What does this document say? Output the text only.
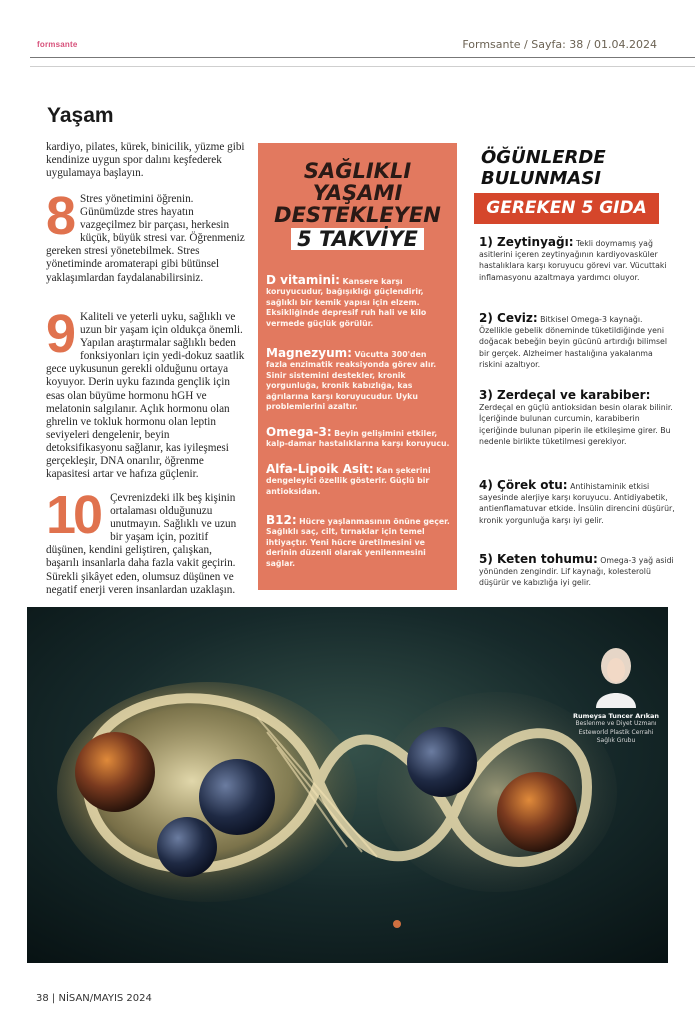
formsante	Formsante / Sayfa: 38 / 01.04.2024
Yaşam

kardiyo, pilates, kürek, binicilik, yüzme gibi kendinize uygun spor dalını keşfederek uygulamaya başlayın.

8 Stres yönetimini öğrenin. Günümüzde stres hayatın vazgeçilmez bir parçası, herkesin küçük, büyük stresi var. Öğrenmeniz gereken stresi yönetebilmek. Stres yönetiminde aromaterapi gibi bütünsel yaklaşımlardan faydalanabilirsiniz.

9 Kaliteli ve yeterli uyku, sağlıklı ve uzun bir yaşam için oldukça önemli. Yapılan araştırmalar sağlıklı beden fonksiyonları için yedi-dokuz saatlik gece uykusunun gerekli olduğunu ortaya koyuyor. Derin uyku fazında gençlik için esas olan büyüme hormonu hGH ve melatonin salgılanır. Açlık hormonu olan ghrelin ve tokluk hormonu olan leptin seviyeleri dengelenir, beyin detoksifikasyonu sağlanır, kas iyileşmesi gerçekleşir, DNA onarılır, öğrenme kapasitesi artar ve hafıza güçlenir.

10 Çevrenizdeki ilk beş kişinin ortalaması olduğunuzu unutmayın. Sağlıklı ve uzun bir yaşam için, pozitif düşünen, kendini geliştiren, çalışkan, başarılı insanlarla daha fazla vakit geçirin. Sürekli şikâyet eden, olumsuz düşünen ve negatif enerji veren insanlardan uzaklaşın.

SAĞLIKLI
YAŞAMI
DESTEKLEYEN
5 TAKVİYE
D vitamini: Kansere karşı koruyucudur, bağışıklığı güçlendirir, sağlıklı bir kemik yapısı için elzem. Eksikliğinde depresif ruh hali ve kilo vermede güçlük görülür.
Magnezyum: Vücutta 300'den fazla enzimatik reaksiyonda görev alır. Sinir sistemini destekler, kronik yorgunluğa, kronik kabızlığa, kas ağrılarına karşı koruyucudur. Uyku problemlerini azaltır.
Omega-3: Beyin gelişimini etkiler, kalp-damar hastalıklarına karşı koruyucu.
Alfa-Lipoik Asit: Kan şekerini dengeleyici özellik gösterir. Güçlü bir antioksidan.
B12: Hücre yaşlanmasının önüne geçer. Sağlıklı saç, cilt, tırnaklar için temel ihtiyaçtır. Yeni hücre üretilmesini ve derinin düzenli olarak yenilenmesini sağlar.
ÖĞÜNLERDE
BULUNMASI
GEREKEN 5 GIDA
1) Zeytinyağı: Tekli doymamış yağ asitlerini içeren zeytinyağının kardiyovasküler hastalıklara karşı koruyucu görevi var. Vücuttaki inflamasyonu azaltmaya yardımcı oluyor.
2) Ceviz: Bitkisel Omega-3 kaynağı. Özellikle gebelik döneminde tüketildiğinde yeni doğacak bebeğin beyin gücünü artırdığı bilimsel bir gerçek. Alzheimer hastalığına yakalanma riskini azaltıyor.
3) Zerdeçal ve karabiber: Zerdeçal en güçlü antioksidan besin olarak bilinir. İçeriğinde bulunan curcumin, karabiberin içeriğinde bulunan piperin ile etkileşime girer. Bu nedenle birlikte tüketilmesi gerekiyor.
4) Çörek otu: Antihistaminik etkisi sayesinde alerjiye karşı koruyucu. Antidiyabetik, antienflamatuvar etkide. İnsülin direncini düşürür, kronik yorgunluğa karşı iyi gelir.
5) Keten tohumu: Omega-3 yağ asidi yönünden zengindir. Lif kaynağı, kolesterolü düşürür ve kabızlığa iyi gelir.
Rumeysa Tuncer Arıkan
Beslenme ve Diyet Uzmanı
Esteworld Plastik Cerrahi
Sağlık Grubu
38 | NİSAN/MAYIS 2024
